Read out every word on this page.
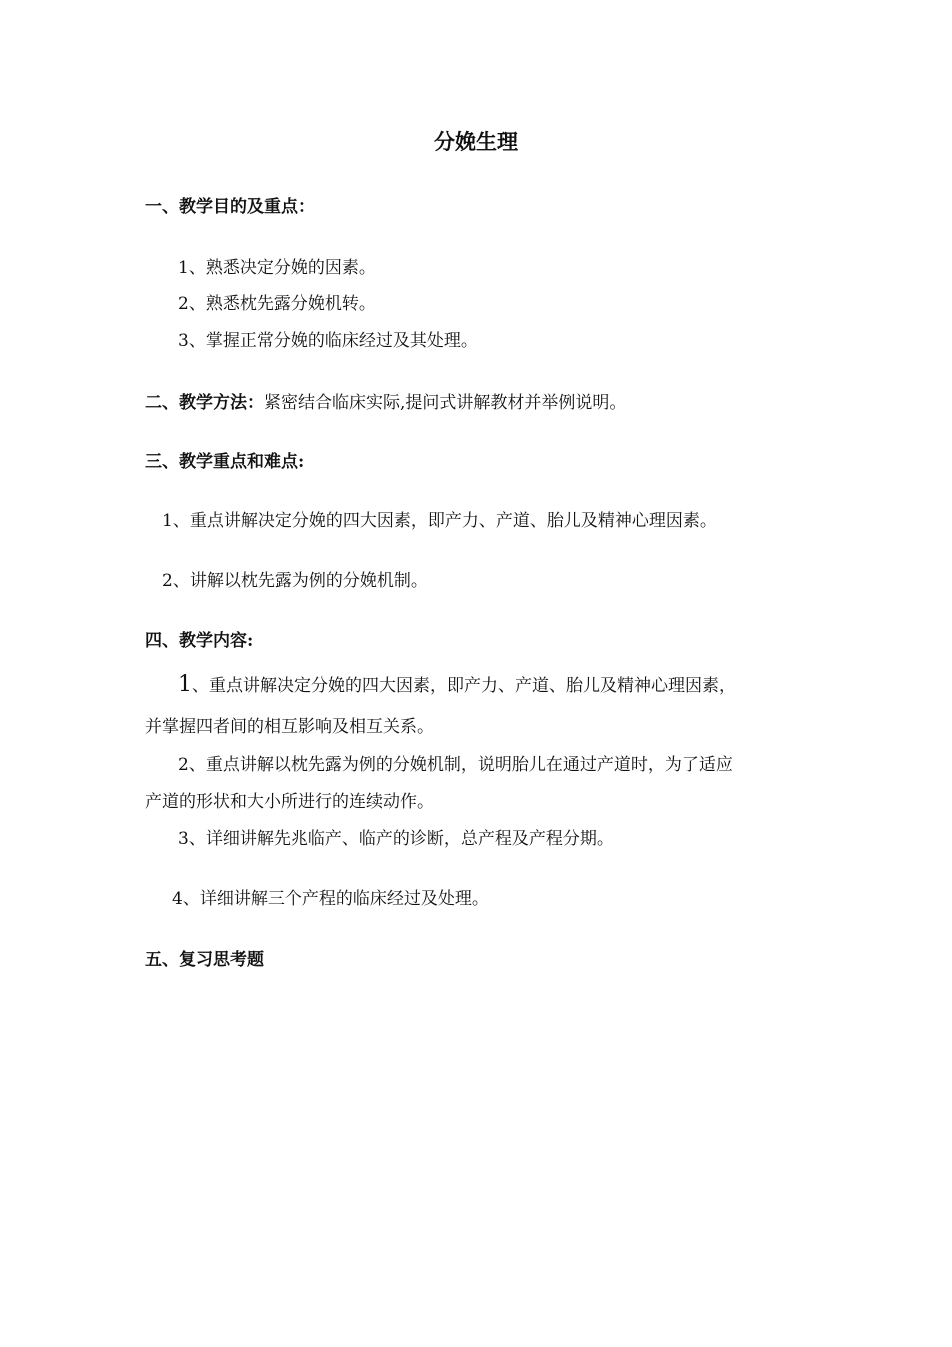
分娩生理
一、教学目的及重点：
1、熟悉决定分娩的因素。
2、熟悉枕先露分娩机转。
3、掌握正常分娩的临床经过及其处理。
二、教学方法：紧密结合临床实际,提问式讲解教材并举例说明。
三、教学重点和难点:
1、重点讲解决定分娩的四大因素，即产力、产道、胎儿及精神心理因素。
2、讲解以枕先露为例的分娩机制。
四、教学内容:
1、重点讲解决定分娩的四大因素，即产力、产道、胎儿及精神心理因素，
并掌握四者间的相互影响及相互关系。
2、重点讲解以枕先露为例的分娩机制，说明胎儿在通过产道时，为了适应
产道的形状和大小所进行的连续动作。
3、详细讲解先兆临产、临产的诊断，总产程及产程分期。
4、详细讲解三个产程的临床经过及处理。
五、复习思考题
